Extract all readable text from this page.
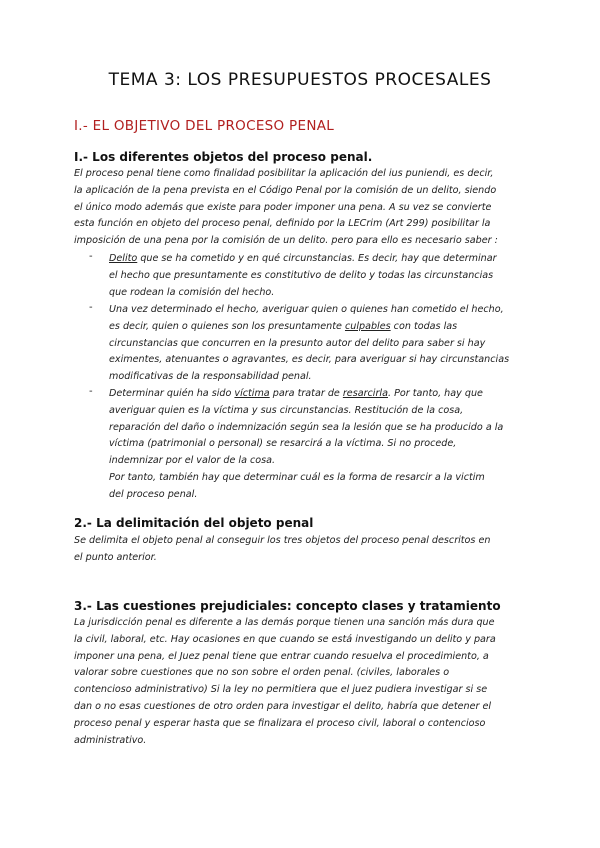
TEMA 3: LOS PRESUPUESTOS PROCESALES
I.- EL OBJETIVO DEL PROCESO PENAL
I.- Los diferentes objetos del proceso penal.
El proceso penal tiene como finalidad posibilitar la aplicación del ius puniendi, es decir,
la aplicación de la pena prevista en el Código Penal por la comisión de un delito, siendo
el único modo además que existe para poder imponer una pena. A su vez se convierte
esta función en objeto del proceso penal, definido por la LECrim (Art 299) posibilitar la
imposición de una pena por la comisión de un delito. pero para ello es necesario saber :
- Delito que se ha cometido y en qué circunstancias. Es decir, hay que determinar
el hecho que presuntamente es constitutivo de delito y todas las circunstancias
que rodean la comisión del hecho.
- Una vez determinado el hecho, averiguar quien o quienes han cometido el hecho,
es decir, quien o quienes son los presuntamente culpables con todas las
circunstancias que concurren en la presunto autor del delito para saber si hay
eximentes, atenuantes o agravantes, es decir, para averiguar si hay circunstancias
modificativas de la responsabilidad penal.
- Determinar quién ha sido víctima para tratar de resarcirla. Por tanto, hay que
averiguar quien es la víctima y sus circunstancias. Restitución de la cosa,
reparación del daño o indemnización según sea la lesión que se ha producido a la
víctima (patrimonial o personal) se resarcirá a la víctima. Si no procede,
indemnizar por el valor de la cosa.
Por tanto, también hay que determinar cuál es la forma de resarcir a la victim
del proceso penal.
2.- La delimitación del objeto penal
Se delimita el objeto penal al conseguir los tres objetos del proceso penal descritos en
el punto anterior.
3.- Las cuestiones prejudiciales: concepto clases y tratamiento
La jurisdicción penal es diferente a las demás porque tienen una sanción más dura que
la civil, laboral, etc. Hay ocasiones en que cuando se está investigando un delito y para
imponer una pena, el Juez penal tiene que entrar cuando resuelva el procedimiento, a
valorar sobre cuestiones que no son sobre el orden penal. (civiles, laborales o
contencioso administrativo) Si la ley no permitiera que el juez pudiera investigar si se
dan o no esas cuestiones de otro orden para investigar el delito, habría que detener el
proceso penal y esperar hasta que se finalizara el proceso civil, laboral o contencioso
administrativo.
